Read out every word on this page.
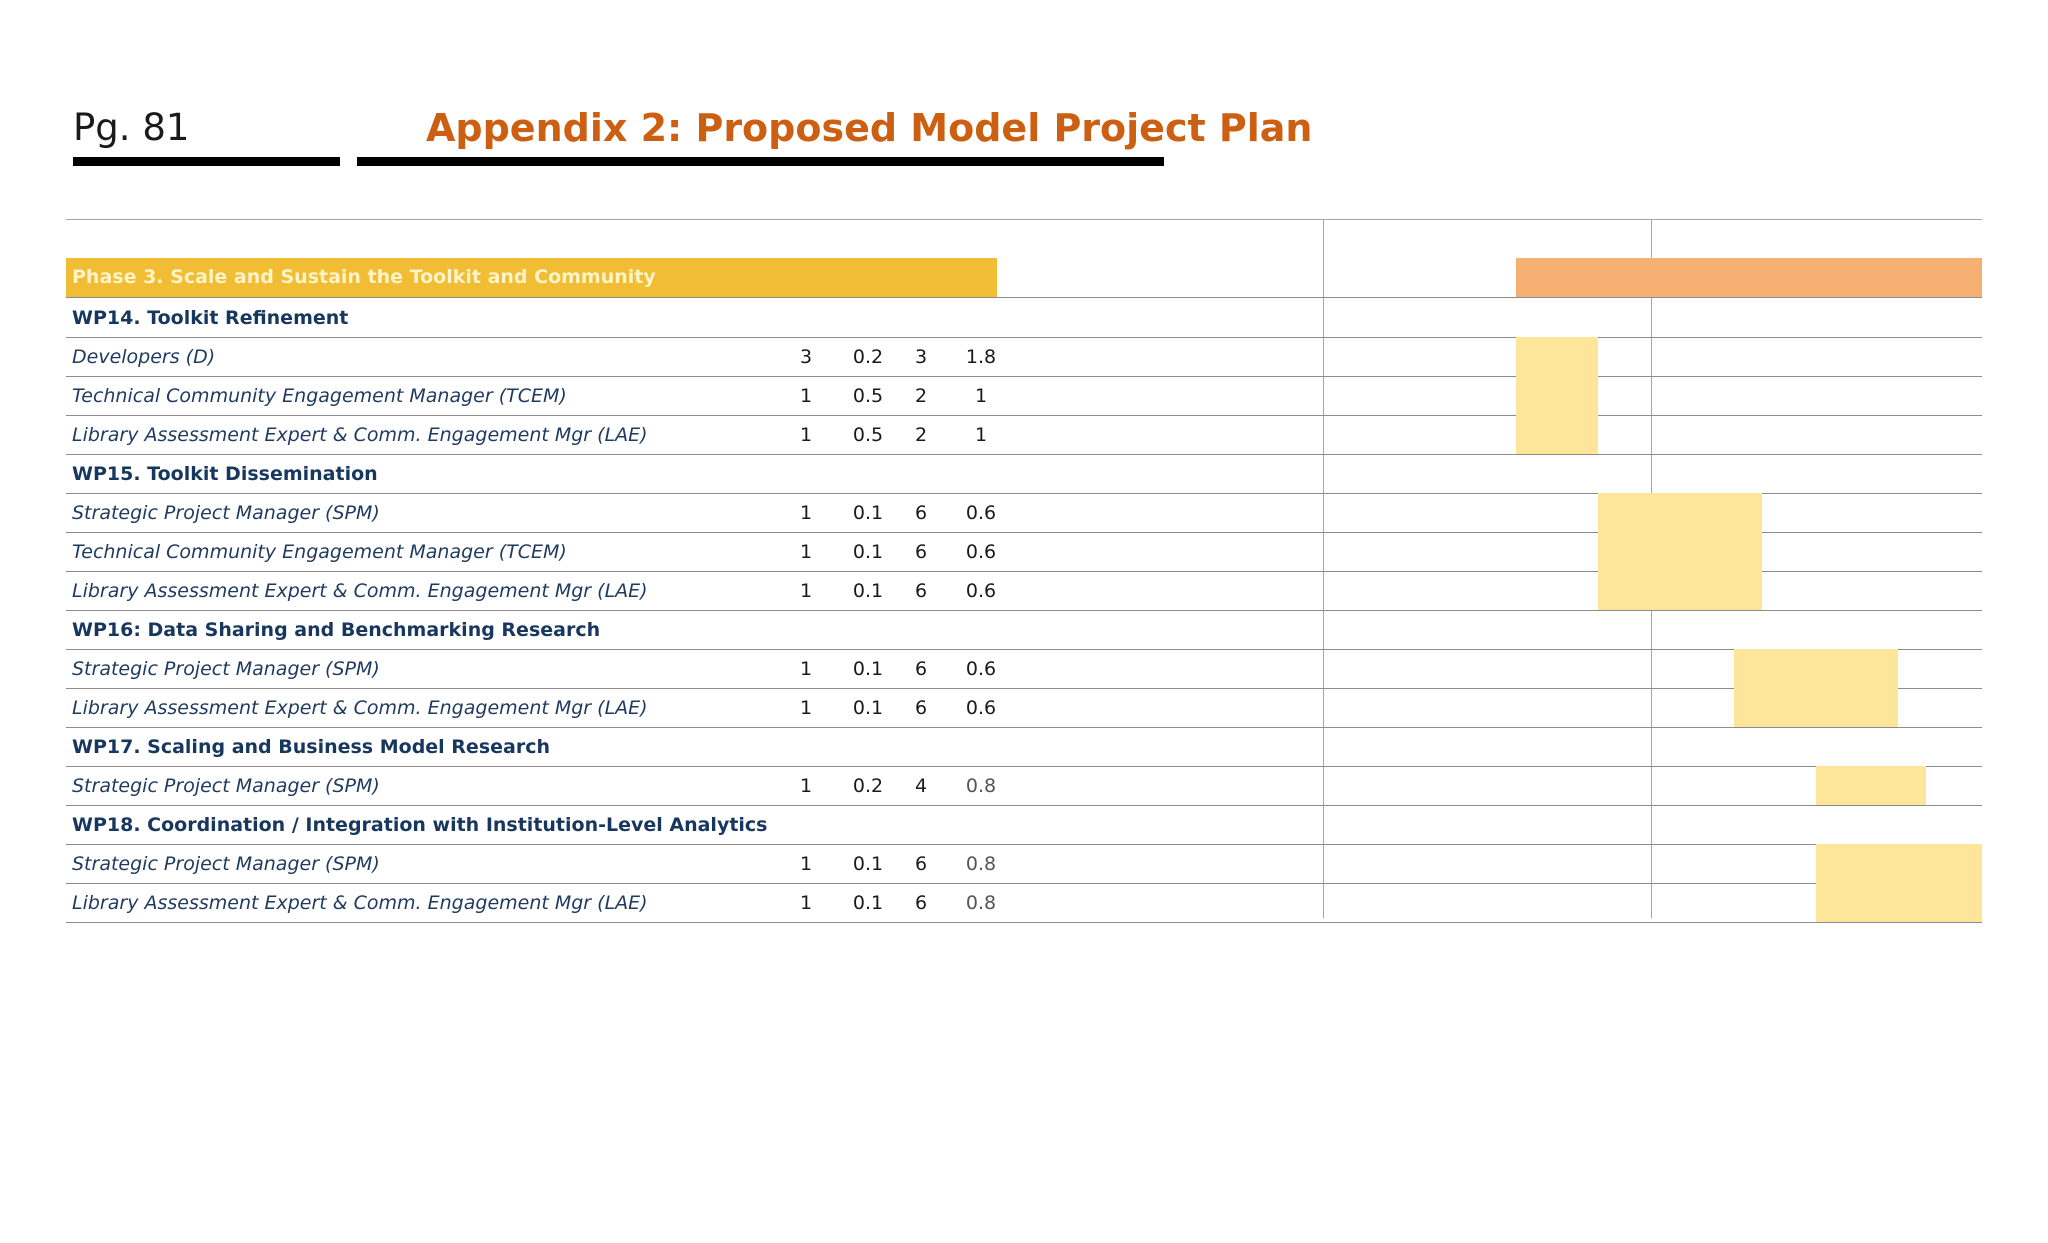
Pg. 81	Appendix 2: Proposed Model Project Plan
Phase 3. Scale and Sustain the Toolkit and Community
WP14. Toolkit Refinement
Developers (D)	3	0.2	3	1.8
Technical Community Engagement Manager (TCEM)	1	0.5	2	1
Library Assessment Expert & Comm. Engagement Mgr (LAE)	1	0.5	2	1
WP15. Toolkit Dissemination
Strategic Project Manager (SPM)	1	0.1	6	0.6
Technical Community Engagement Manager (TCEM)	1	0.1	6	0.6
Library Assessment Expert & Comm. Engagement Mgr (LAE)	1	0.1	6	0.6
WP16: Data Sharing and Benchmarking Research
Strategic Project Manager (SPM)	1	0.1	6	0.6
Library Assessment Expert & Comm. Engagement Mgr (LAE)	1	0.1	6	0.6
WP17. Scaling and Business Model Research
Strategic Project Manager (SPM)	1	0.2	4	0.8
WP18. Coordination / Integration with Institution-Level Analytics
Strategic Project Manager (SPM)	1	0.1	6	0.8
Library Assessment Expert & Comm. Engagement Mgr (LAE)	1	0.1	6	0.8
